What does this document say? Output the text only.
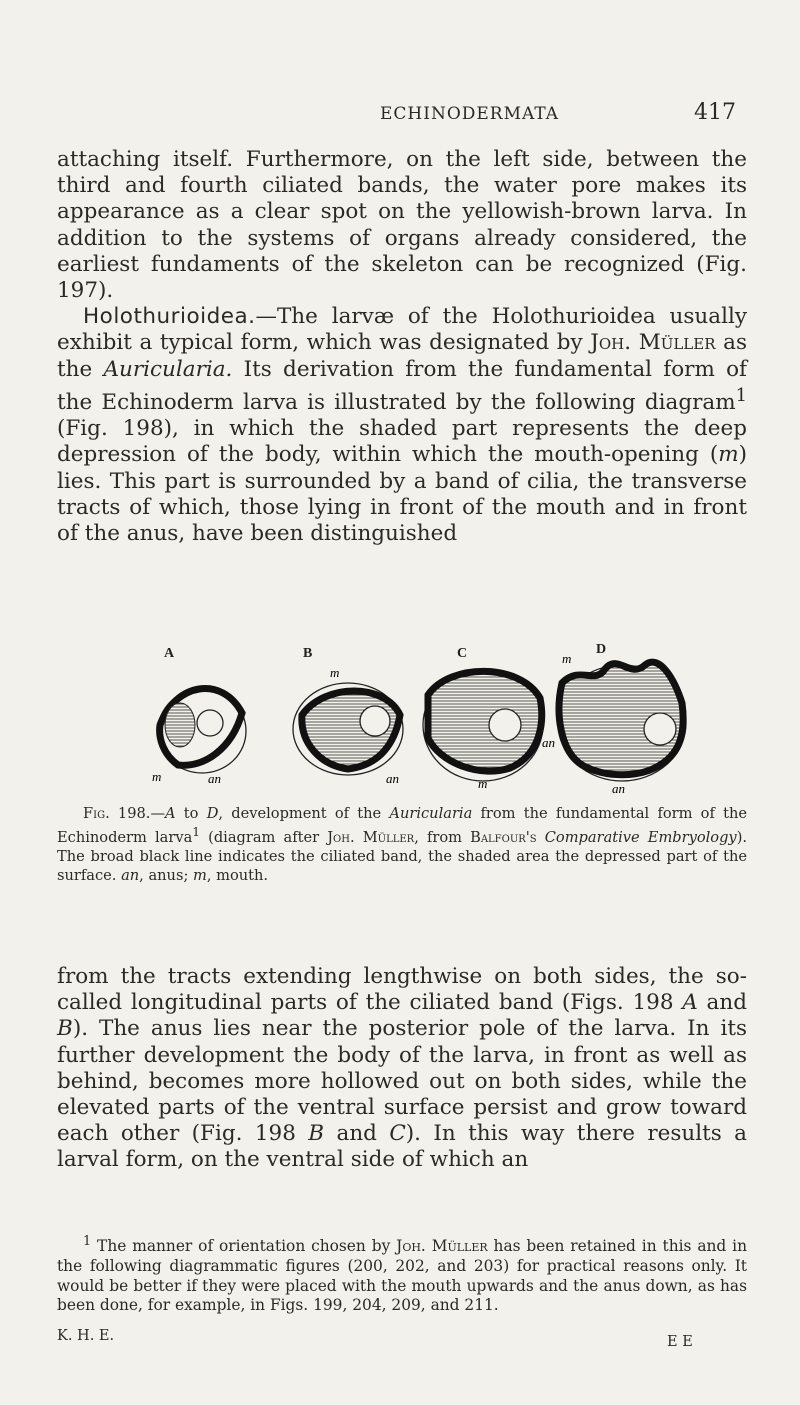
ECHINODERMATA	417

attaching itself. Furthermore, on the left side, between the third and fourth ciliated bands, the water pore makes its appearance as a clear spot on the yellowish-brown larva. In addition to the systems of organs already considered, the earliest fundaments of the skeleton can be recognized (Fig. 197).

Holothurioidea.—The larvæ of the Holothurioidea usually exhibit a typical form, which was designated by Joh. Müller as the Auricularia. Its derivation from the fundamental form of the Echinoderm larva is illustrated by the following diagram$^1$ (Fig. 198), in which the shaded part represents the deep depression of the body, within which the mouth-opening (m) lies. This part is surrounded by a band of cilia, the transverse tracts of which, those lying in front of the mouth and in front of the anus, have been distinguished

A	B	C	D
m	an
m
an	m
an
m
an

Fig. 198.—A to D, development of the Auricularia from the fundamental form of the Echinoderm larva$^1$ (diagram after Joh. Müller, from Balfour's Comparative Embryology). The broad black line indicates the ciliated band, the shaded area the depressed part of the surface. an, anus; m, mouth.

from the tracts extending lengthwise on both sides, the so-called longitudinal parts of the ciliated band (Figs. 198 A and B). The anus lies near the posterior pole of the larva. In its further development the body of the larva, in front as well as behind, becomes more hollowed out on both sides, while the elevated parts of the ventral surface persist and grow toward each other (Fig. 198 B and C). In this way there results a larval form, on the ventral side of which an

$^1$ The manner of orientation chosen by Joh. Müller has been retained in this and in the following diagrammatic figures (200, 202, and 203) for practical reasons only. It would be better if they were placed with the mouth upwards and the anus down, as has been done, for example, in Figs. 199, 204, 209, and 211.

K. H. E.	E E
